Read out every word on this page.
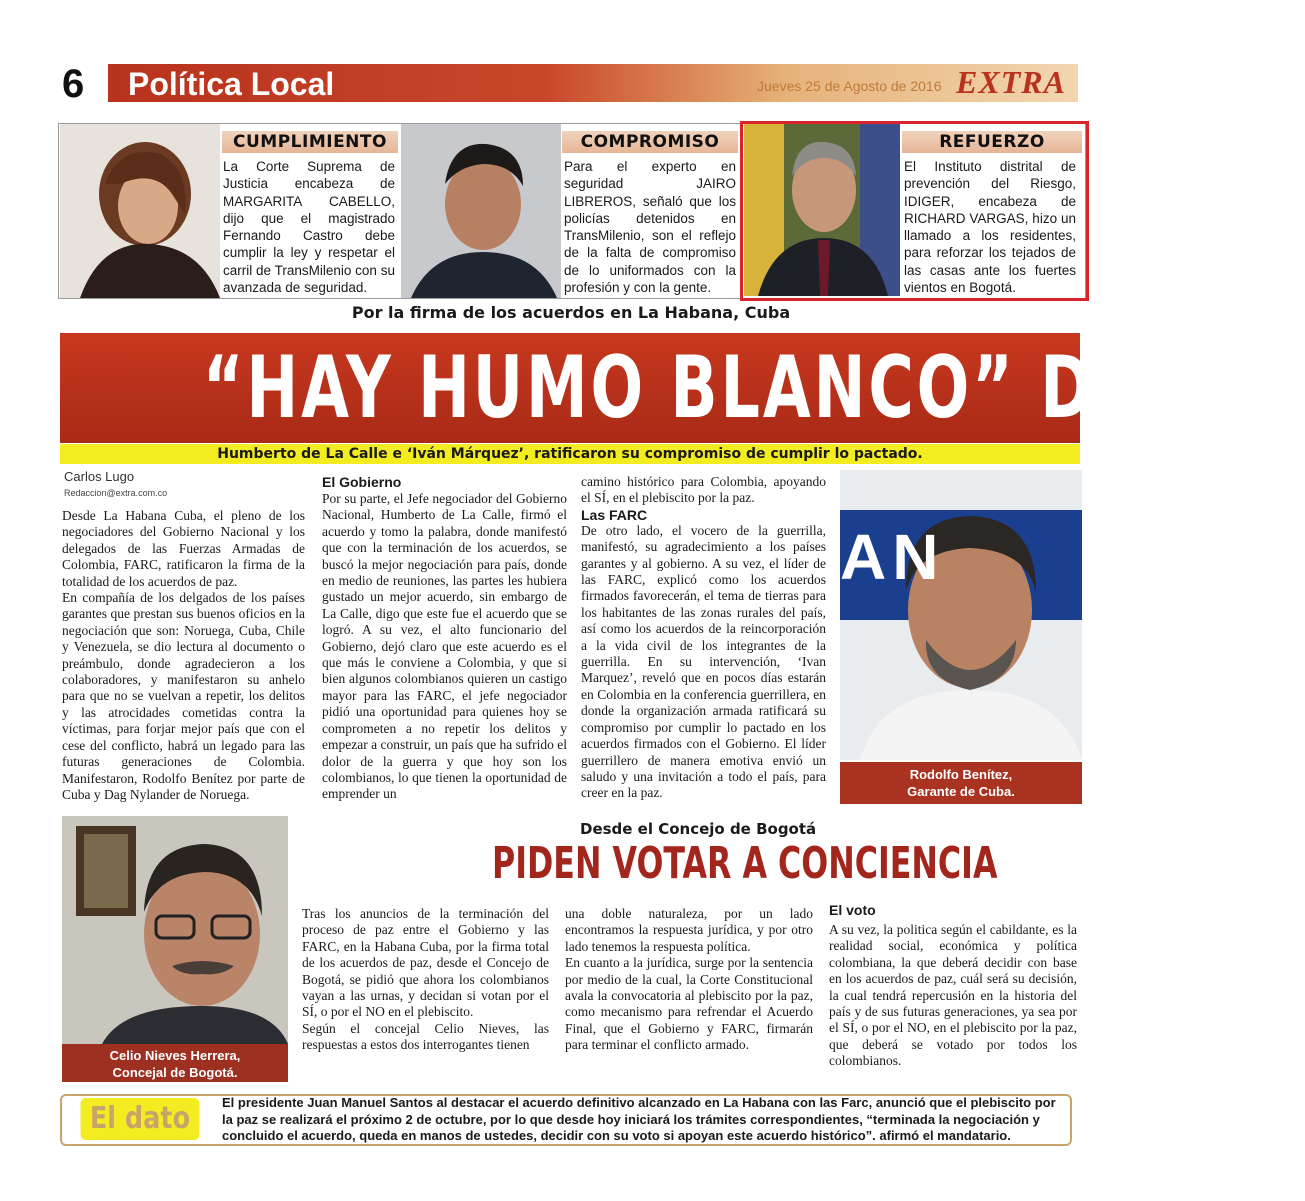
6 Política Local	Jueves 25 de Agosto de 2016 EXTRA
CUMPLIMIENTO
La Corte Suprema de Justicia encabeza de MARGARITA CABELLO, dijo que el magistrado Fernando Castro debe cumplir la ley y respetar el carril de TransMilenio con su avanzada de seguridad.
COMPROMISO
Para el experto en seguridad JAIRO LIBREROS, señaló que los policías detenidos en TransMilenio, son el reflejo de la falta de compromiso de lo uniformados con la profesión y con la gente.
REFUERZO
El Instituto distrital de prevención del Riesgo, IDIGER, encabeza de RICHARD VARGAS, hizo un llamado a los residentes, para reforzar los tejados de las casas ante los fuertes vientos en Bogotá.
Por la firma de los acuerdos en La Habana, Cuba
“HAY HUMO BLANCO” DE PAZ
Humberto de La Calle e ‘Iván Márquez’, ratificaron su compromiso de cumplir lo pactado.
Carlos Lugo
Redaccion@extra.com.co

Desde La Habana Cuba, el pleno de los negociadores del Gobierno Nacional y los delegados de las Fuerzas Armadas de Colombia, FARC, ratificaron la firma de la totalidad de los acuerdos de paz.

En compañía de los delgados de los países garantes que prestan sus buenos oficios en la negociación que son: Noruega, Cuba, Chile y Venezuela, se dio lectura al documento o preámbulo, donde agradecieron a los colaboradores, y manifestaron su anhelo para que no se vuelvan a repetir, los delitos y las atrocidades cometidas contra la víctimas, para forjar mejor país que con el cese del conflicto, habrá un legado para las futuras generaciones de Colombia. Manifestaron, Rodolfo Benítez por parte de Cuba y Dag Nylander de Noruega.

El Gobierno

Por su parte, el Jefe negociador del Gobierno Nacional, Humberto de La Calle, firmó el acuerdo y tomo la palabra, donde manifestó que con la terminación de los acuerdos, se buscó la mejor negociación para país, donde en medio de reuniones, las partes les hubiera gustado un mejor acuerdo, sin embargo de La Calle, digo que este fue el acuerdo que se logró. A su vez, el alto funcionario del Gobierno, dejó claro que este acuerdo es el que más le conviene a Colombia, y que si bien algunos colombianos quieren un castigo mayor para las FARC, el jefe negociador pidió una oportunidad para quienes hoy se comprometen a no repetir los delitos y empezar a construir, un país que ha sufrido el dolor de la guerra y que hoy son los colombianos, lo que tienen la oportunidad de emprender un

camino histórico para Colombia, apoyando el SÍ, en el plebiscito por la paz.

Las FARC

De otro lado, el vocero de la guerrilla, manifestó, su agradecimiento a los países garantes y al gobierno. A su vez, el líder de las FARC, explicó como los acuerdos firmados favorecerán, el tema de tierras para los habitantes de las zonas rurales del país, así como los acuerdos de la reincorporación a la vida civil de los integrantes de la guerrilla. En su intervención, ‘Ivan Marquez’, reveló que en pocos días estarán en Colombia en la conferencia guerrillera, en donde la organización armada ratificará su compromiso por cumplir lo pactado en los acuerdos firmados con el Gobierno. El líder guerrillero de manera emotiva envió un saludo y una invitación a todo el país, para creer en la paz.

AN
Rodolfo Benítez,
Garante de Cuba.
Celio Nieves Herrera,
Concejal de Bogotá.
Desde el Concejo de Bogotá
PIDEN VOTAR A CONCIENCIA

Tras los anuncios de la terminación del proceso de paz entre el Gobierno y las FARC, en la Habana Cuba, por la firma total de los acuerdos de paz, desde el Concejo de Bogotá, se pidió que ahora los colombianos vayan a las urnas, y decidan si votan por el SÍ, o por el NO en el plebiscito.

Según el concejal Celio Nieves, las respuestas a estos dos interrogantes tienen

una doble naturaleza, por un lado encontramos la respuesta jurídica, y por otro lado tenemos la respuesta política.

En cuanto a la jurídica, surge por la sentencia por medio de la cual, la Corte Constitucional avala la convocatoria al plebiscito por la paz, como mecanismo para refrendar el Acuerdo Final, que el Gobierno y FARC, firmarán para terminar el conflicto armado.

El voto

A su vez, la politica según el cabildante, es la realidad social, económica y política colombiana, la que deberá decidir con base en los acuerdos de paz, cuál será su decisión, la cual tendrá repercusión en la historia del país y de sus futuras generaciones, ya sea por el SÍ, o por el NO, en el plebiscito por la paz, que deberá se votado por todos los colombianos.

El dato	El presidente Juan Manuel Santos al destacar el acuerdo definitivo alcanzado en La Habana con las Farc, anunció que el plebiscito por la paz se realizará el próximo 2 de octubre, por lo que desde hoy iniciará los trámites correspondientes, “terminada la negociación y concluido el acuerdo, queda en manos de ustedes, decidir con su voto si apoyan este acuerdo histórico”. afirmó el mandatario.
